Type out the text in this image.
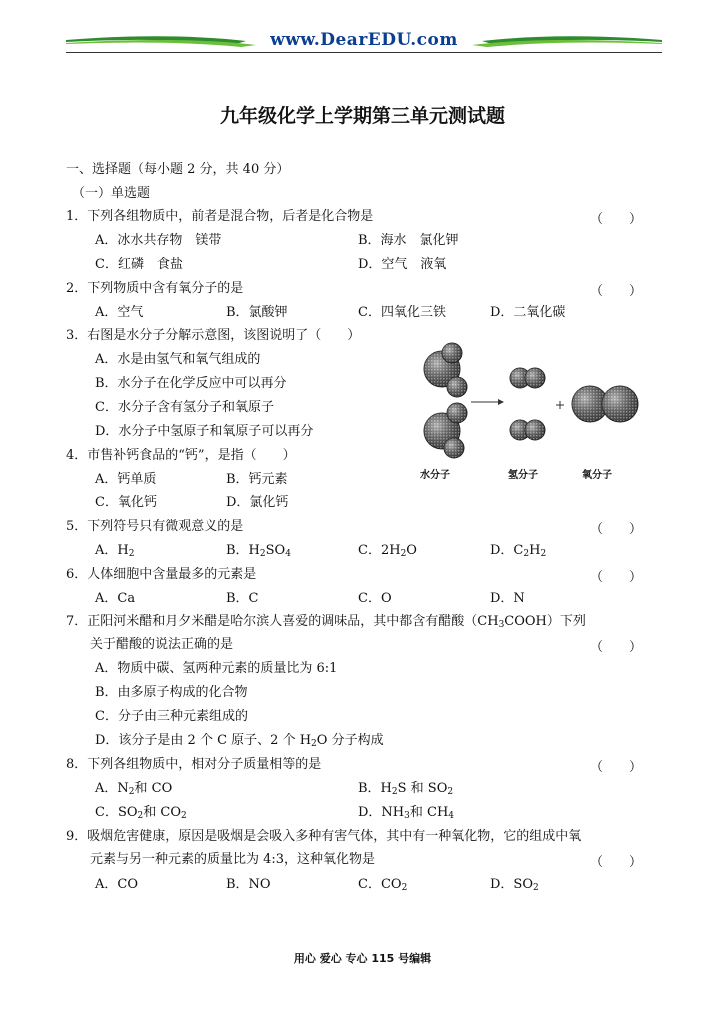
www.DearEDU.com
九年级化学上学期第三单元测试题
一、选择题（每小题 2 分，共 40 分）
（一）单选题
1．下列各组物质中，前者是混合物，后者是化合物是	（　　）
A．冰水共存物　镁带	B．海水　氯化钾
C．红磷　食盐	D．空气　液氧
2．下列物质中含有氧分子的是	（　　）
A．空气	B．氯酸钾	C．四氧化三铁	D．二氧化碳
3．右图是水分子分解示意图，该图说明了（　　）
A．水是由氢气和氧气组成的
B．水分子在化学反应中可以再分
C．水分子含有氢分子和氧原子
D．水分子中氢原子和氧原子可以再分
水分子	氢分子	氧分子
4．市售补钙食品的“钙”，是指（　　）
A．钙单质	B．钙元素
C．氧化钙	D．氯化钙
5．下列符号只有微观意义的是	（　　）
A．$H_2$	B．$H_2SO_4$	C．$2H_2O$	D．$C_2H_2$
6．人体细胞中含量最多的元素是	（　　）
A．Ca	B．C	C．O	D．N
7．正阳河米醋和月夕米醋是哈尔滨人喜爱的调味品，其中都含有醋酸$(CH_3COOH)$下列
关于醋酸的说法正确的是	（　　）
A．物质中碳、氢两种元素的质量比为 6:1
B．由多原子构成的化合物
C．分子由三种元素组成的
D．该分子是由 2 个 C 原子、2 个 $H_2O$ 分子构成
8．下列各组物质中，相对分子质量相等的是	（　　）
A．$N_2$和 CO	B．$H_2S$ 和 $SO_2$
C．$SO_2$和 $CO_2$	D．$NH_3$和 $CH_4$
9．吸烟危害健康，原因是吸烟是会吸入多种有害气体，其中有一种氧化物，它的组成中氧
元素与另一种元素的质量比为 4:3，这种氧化物是	（　　）
A．CO	B．NO	C．$CO_2$	D．$SO_2$
用心 爱心 专心 115 号编辑
